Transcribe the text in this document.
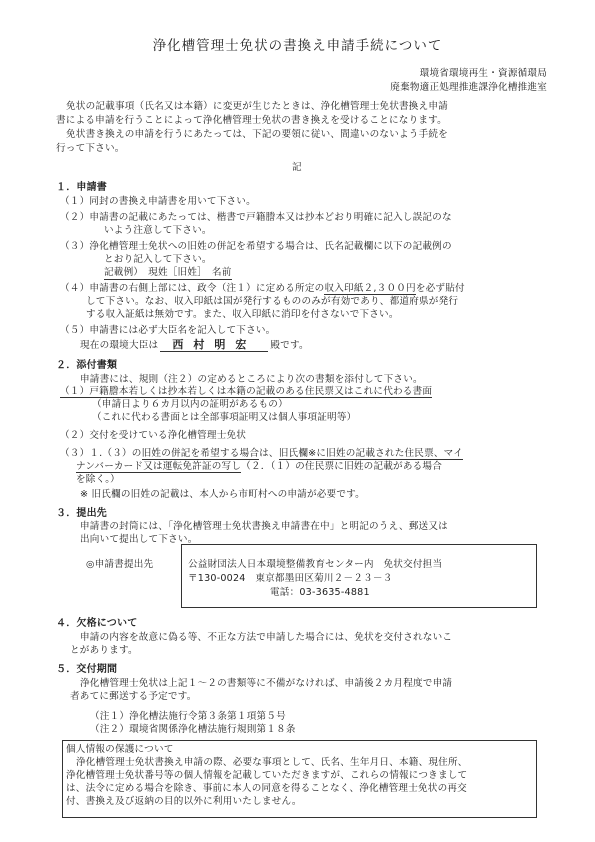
浄化槽管理士免状の書換え申請手続について
環境省環境再生・資源循環局
廃棄物適正処理推進課浄化槽推進室
免状の記載事項（氏名又は本籍）に変更が生じたときは、浄化槽管理士免状書換え申請
書による申請を行うことによって浄化槽管理士免状の書き換えを受けることになります。
免状書き換えの申請を行うにあたっては、下記の要領に従い、間違いのないよう手続を
行って下さい。
記
１．申請書
（１）同封の書換え申請書を用いて下さい。
（２）申請書の記載にあたっては、楷書で戸籍謄本又は抄本どおり明確に記入し誤記のな
いよう注意して下さい。
（３）浄化槽管理士免状への旧姓の併記を希望する場合は、氏名記載欄に以下の記載例の
とおり記入して下さい。
記載例）　現姓［旧姓］　名前
（４）申請書の右側上部には、政令（注１）に定める所定の収入印紙２,３００円を必ず貼付
して下さい。なお、収入印紙は国が発行するもののみが有効であり、都道府県が発行
する収入証紙は無効です。また、収入印紙に消印を付さないで下さい。
（５）申請書には必ず大臣名を記入して下さい。
現在の環境大臣は 西村明宏 殿です。
２．添付書類
申請書には、規則（注２）の定めるところにより次の書類を添付して下さい。
（１）戸籍謄本若しくは抄本若しくは本籍の記載のある住民票又はこれに代わる書面
（申請日より６カ月以内の証明があるもの）
（これに代わる書面とは全部事項証明又は個人事項証明等）
（２）交付を受けている浄化槽管理士免状
（３）１.（３）の旧姓の併記を希望する場合は、旧氏欄※に旧姓の記載された住民票、マイ
ナンバーカード又は運転免許証の写し（２．（１）の住民票に旧姓の記載がある場合
を除く。）
※ 旧氏欄の旧姓の記載は、本人から市町村への申請が必要です。
３．提出先
申請書の封筒には、「浄化槽管理士免状書換え申請書在中」と明記のうえ、郵送又は
出向いて提出して下さい。
◎申請書提出先	公益財団法人日本環境整備教育センター内　免状交付担当
〒130-0024　東京都墨田区菊川２－２３－３
電話：03-3635-4881
４．欠格について
申請の内容を故意に偽る等、不正な方法で申請した場合には、免状を交付されないこ
とがあります。
５．交付期間
浄化槽管理士免状は上記１～２の書類等に不備がなければ、申請後２カ月程度で申請
者あてに郵送する予定です。
（注１）浄化槽法施行令第３条第１項第５号
（注２）環境省関係浄化槽法施行規則第１８条
個人情報の保護について
浄化槽管理士免状書換え申請の際、必要な事項として、氏名、生年月日、本籍、現住所、
浄化槽管理士免状番号等の個人情報を記載していただきますが、これらの情報につきまして
は、法令に定める場合を除き、事前に本人の同意を得ることなく、浄化槽管理士免状の再交
付、書換え及び返納の目的以外に利用いたしません。
